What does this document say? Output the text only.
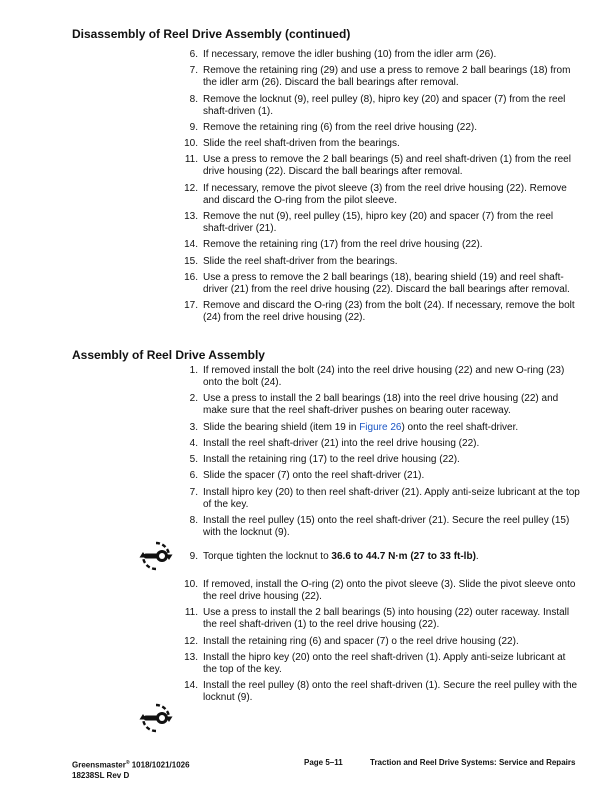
Disassembly of Reel Drive Assembly (continued)
6. If necessary, remove the idler bushing (10) from the idler arm (26).
7. Remove the retaining ring (29) and use a press to remove 2 ball bearings (18) from the idler arm (26). Discard the ball bearings after removal.
8. Remove the locknut (9), reel pulley (8), hipro key (20) and spacer (7) from the reel shaft-driven (1).
9. Remove the retaining ring (6) from the reel drive housing (22).
10. Slide the reel shaft-driven from the bearings.
11. Use a press to remove the 2 ball bearings (5) and reel shaft-driven (1) from the reel drive housing (22). Discard the ball bearings after removal.
12. If necessary, remove the pivot sleeve (3) from the reel drive housing (22). Remove and discard the O-ring from the pilot sleeve.
13. Remove the nut (9), reel pulley (15), hipro key (20) and spacer (7) from the reel shaft-driver (21).
14. Remove the retaining ring (17) from the reel drive housing (22).
15. Slide the reel shaft-driver from the bearings.
16. Use a press to remove the 2 ball bearings (18), bearing shield (19) and reel shaft-driver (21) from the reel drive housing (22). Discard the ball bearings after removal.
17. Remove and discard the O-ring (23) from the bolt (24). If necessary, remove the bolt (24) from the reel drive housing (22).
Assembly of Reel Drive Assembly
1. If removed install the bolt (24) into the reel drive housing (22) and new O-ring (23) onto the bolt (24).
2. Use a press to install the 2 ball bearings (18) into the reel drive housing (22) and make sure that the reel shaft-driver pushes on bearing outer raceway.
3. Slide the bearing shield (item 19 in Figure 26) onto the reel shaft-driver.
4. Install the reel shaft-driver (21) into the reel drive housing (22).
5. Install the retaining ring (17) to the reel drive housing (22).
6. Slide the spacer (7) onto the reel shaft-driver (21).
7. Install hipro key (20) to then reel shaft-driver (21). Apply anti-seize lubricant at the top of the key.
8. Install the reel pulley (15) onto the reel shaft-driver (21). Secure the reel pulley (15) with the locknut (9).
9. Torque tighten the locknut to 36.6 to 44.7 N·m (27 to 33 ft-lb).
10. If removed, install the O-ring (2) onto the pivot sleeve (3). Slide the pivot sleeve onto the reel drive housing (22).
11. Use a press to install the 2 ball bearings (5) into housing (22) outer raceway. Install the reel shaft-driven (1) to the reel drive housing (22).
12. Install the retaining ring (6) and spacer (7) o the reel drive housing (22).
13. Install the hipro key (20) onto the reel shaft-driven (1). Apply anti-seize lubricant at the top of the key.
14. Install the reel pulley (8) onto the reel shaft-driven (1). Secure the reel pulley with the locknut (9).
Greensmaster® 1018/1021/1026
18238SL Rev D
Page 5–11	Traction and Reel Drive Systems: Service and Repairs
